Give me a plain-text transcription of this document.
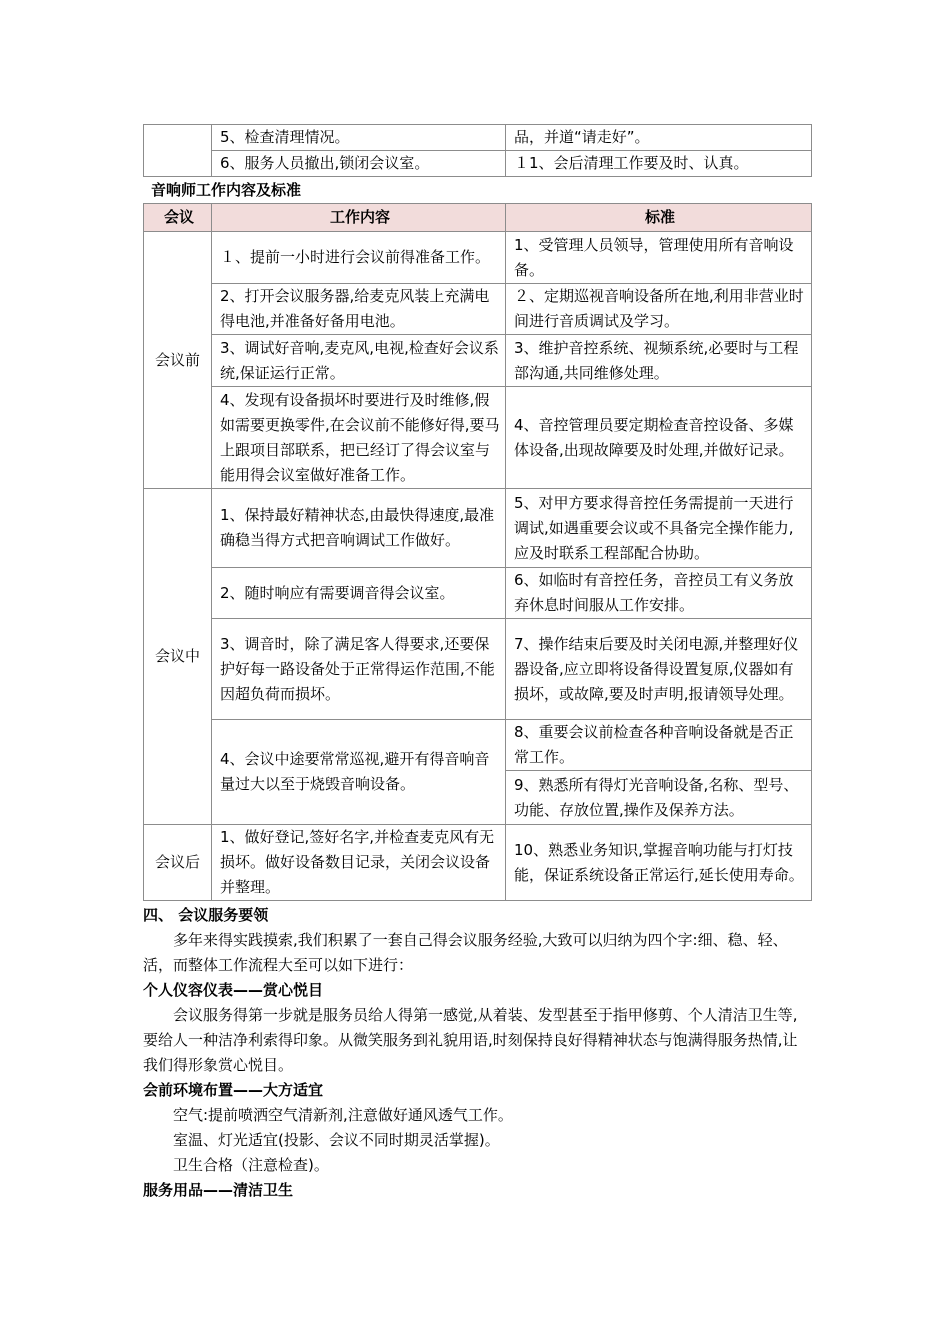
	5、检查清理情况。	品，并道“请走好”。
	6、服务人员撤出,锁闭会议室。	１1、会后清理工作要及时、认真。
音响师工作内容及标准
会议	工作内容	标准
会议前	１、提前一小时进行会议前得准备工作。	1、受管理人员领导，管理使用所有音响设备。
	2、打开会议服务器,给麦克风装上充满电得电池,并准备好备用电池。	２、定期巡视音响设备所在地,利用非营业时间进行音质调试及学习。
	3、调试好音响,麦克风,电视,检查好会议系统,保证运行正常。	3、维护音控系统、视频系统,必要时与工程部沟通,共同维修处理。
	4、发现有设备损坏时要进行及时维修,假如需要更换零件,在会议前不能修好得,要马上跟项目部联系，把已经订了得会议室与能用得会议室做好准备工作。	4、音控管理员要定期检查音控设备、多媒体设备,出现故障要及时处理,并做好记录。
会议中	1、保持最好精神状态,由最快得速度,最准确稳当得方式把音响调试工作做好。	5、对甲方要求得音控任务需提前一天进行调试,如遇重要会议或不具备完全操作能力,应及时联系工程部配合协助。
	2、随时响应有需要调音得会议室。	6、如临时有音控任务，音控员工有义务放弃休息时间服从工作安排。
	3、调音时，除了满足客人得要求,还要保护好每一路设备处于正常得运作范围,不能因超负荷而损坏。	7、操作结束后要及时关闭电源,并整理好仪器设备,应立即将设备得设置复原,仪器如有损坏，或故障,要及时声明,报请领导处理。
	4、会议中途要常常巡视,避开有得音响音量过大以至于烧毁音响设备。	8、重要会议前检查各种音响设备就是否正常工作。
9、熟悉所有得灯光音响设备,名称、型号、功能、存放位置,操作及保养方法。

会议后	1、做好登记,签好名字,并检查麦克风有无损坏。做好设备数目记录，关闭会议设备并整理。	10、熟悉业务知识,掌握音响功能与打灯技能，保证系统设备正常运行,延长使用寿命。

四、 会议服务要领

多年来得实践摸索,我们积累了一套自己得会议服务经验,大致可以归纳为四个字:细、稳、轻、活，而整体工作流程大至可以如下进行：

个人仪容仪表——赏心悦目

会议服务得第一步就是服务员给人得第一感觉,从着装、发型甚至于指甲修剪、个人清洁卫生等,要给人一种洁净利索得印象。从微笑服务到礼貌用语,时刻保持良好得精神状态与饱满得服务热情,让我们得形象赏心悦目。

会前环境布置——大方适宜

空气:提前喷洒空气清新剂,注意做好通风透气工作。

室温、灯光适宜(投影、会议不同时期灵活掌握)。

卫生合格（注意检查)。

服务用品——清洁卫生
